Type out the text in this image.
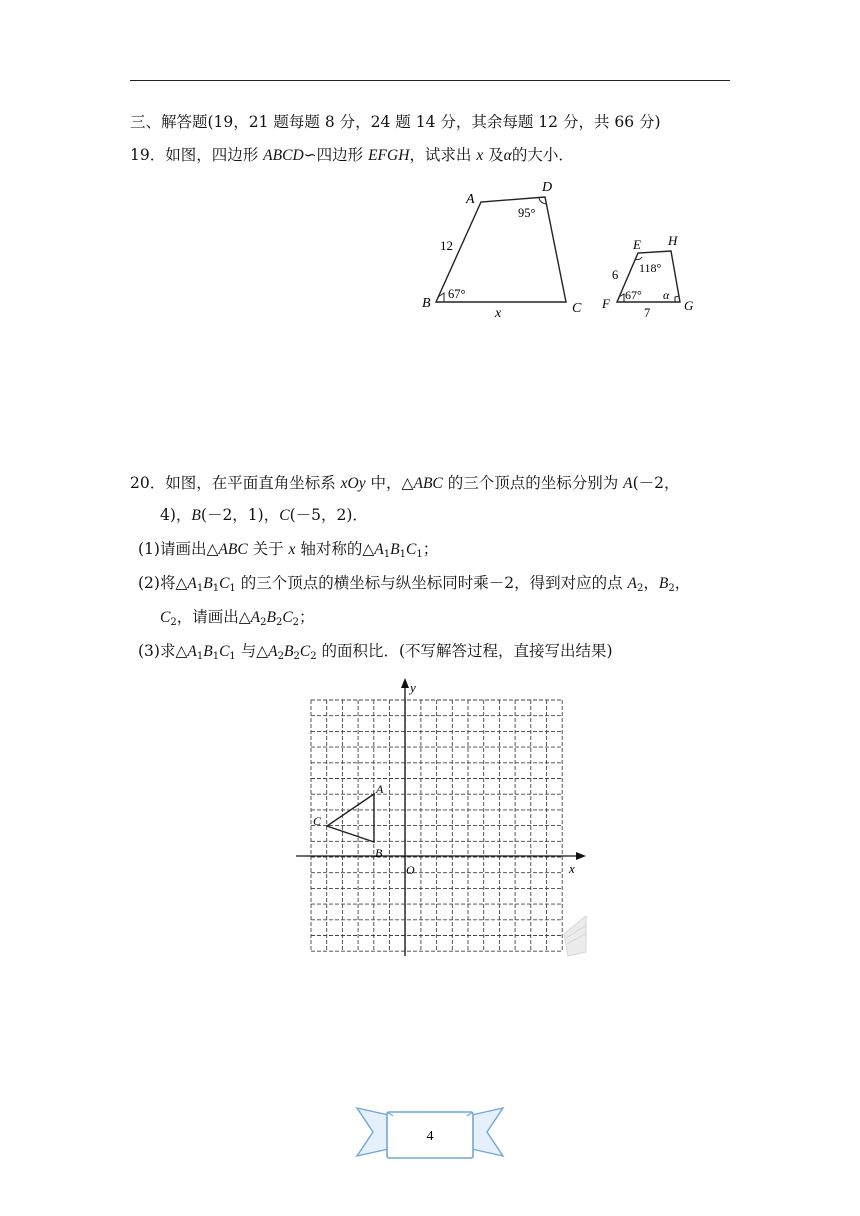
三、解答题(19，21 题每题 8 分，24 题 14 分，其余每题 12 分，共 66 分)
19．如图，四边形 ABCD∽四边形 EFGH，试求出 x 及α的大小．
A
D
B	C
12
x
67°
95°
E H
F	G
6
7
118°
67° α
20．如图，在平面直角坐标系 xOy 中，△ABC 的三个顶点的坐标分别为 A(－2，
4)，B(－2，1)，C(－5，2)．
(1)请画出△ABC 关于 x 轴对称的$\triangle A_1B_1C_1$；
(2)将$\triangle A_1B_1C_1$ 的三个顶点的横坐标与纵坐标同时乘－2，得到对应的点 $A_2$，$B_2$，
$C_2$，请画出$\triangle A_2B_2C_2$；
(3)求$\triangle A_1B_1C_1$ 与$\triangle A_2B_2C_2$ 的面积比．(不写解答过程，直接写出结果)
y
x
O
A
B
C
4
